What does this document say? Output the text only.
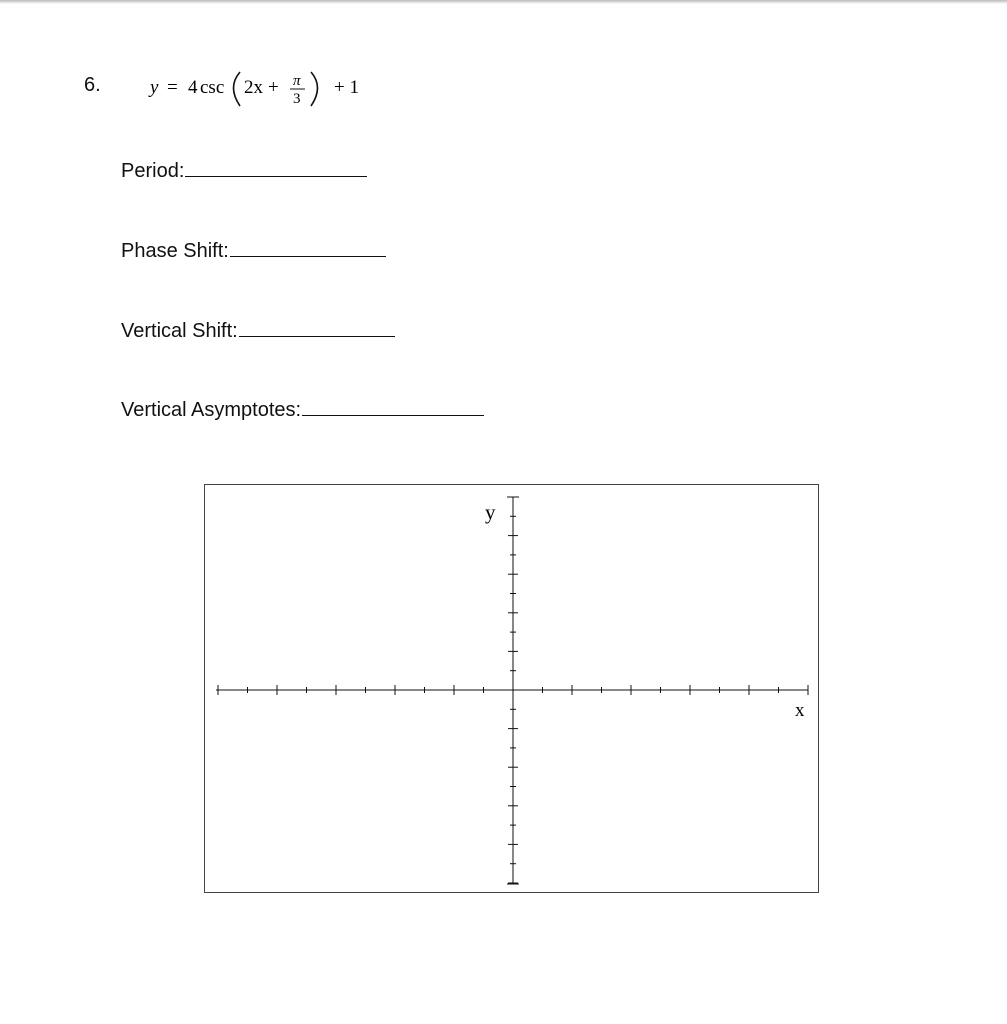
6.	y = 4 csc 2x + π
3
+ 1
Period:
Phase Shift:
Vertical Shift:
Vertical Asymptotes:
y
x
